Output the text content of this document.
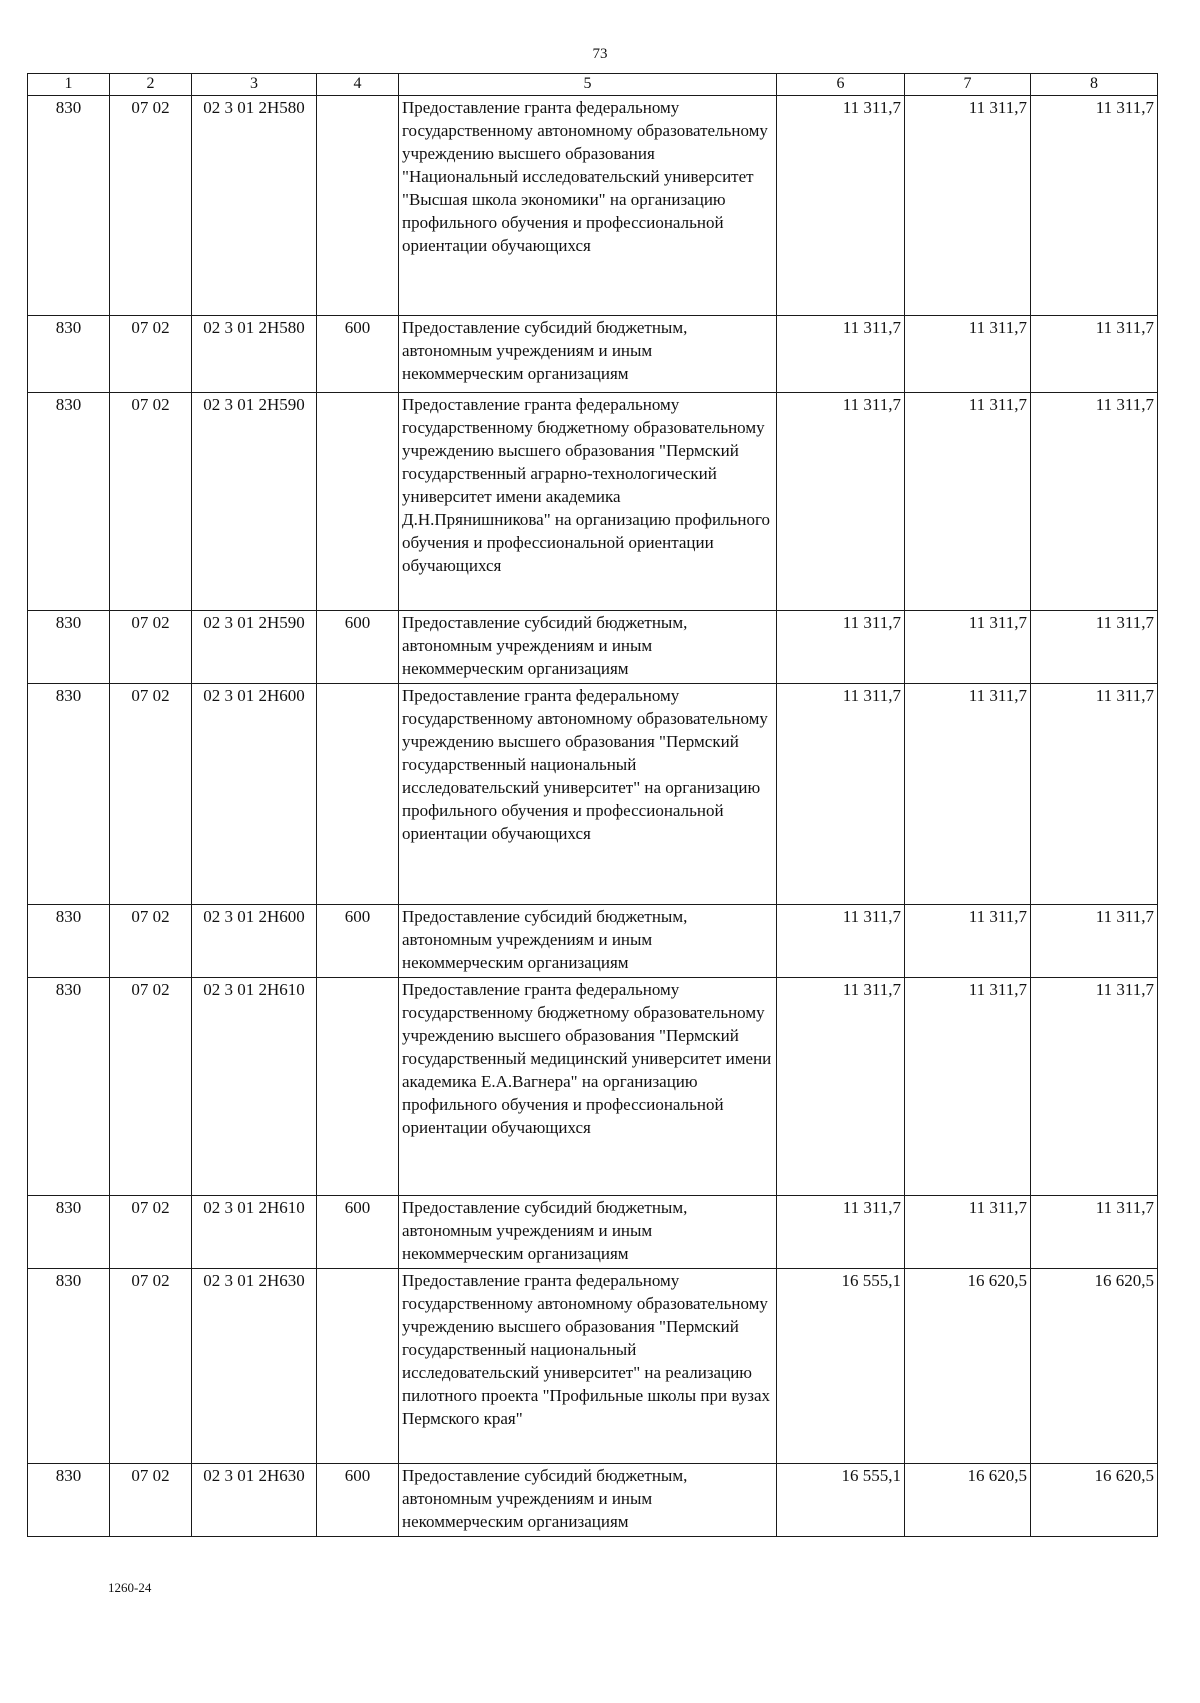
73
1	2	3	4	5	6	7	8
830	07 02	02 3 01 2Н580		Предоставление гранта федеральному государственному автономному образовательному учреждению высшего образования "Национальный исследовательский университет "Высшая школа экономики" на организацию профильного обучения и профессиональной ориентации обучающихся	11 311,7	11 311,7	11 311,7
830	07 02	02 3 01 2Н580	600	Предоставление субсидий бюджетным, автономным учреждениям и иным некоммерческим организациям	11 311,7	11 311,7	11 311,7
830	07 02	02 3 01 2Н590		Предоставление гранта федеральному государственному бюджетному образовательному учреждению высшего образования "Пермский государственный аграрно-технологический университет имени академика Д.Н.Прянишникова" на организацию профильного обучения и профессиональной ориентации обучающихся	11 311,7	11 311,7	11 311,7
830	07 02	02 3 01 2Н590	600	Предоставление субсидий бюджетным, автономным учреждениям и иным некоммерческим организациям	11 311,7	11 311,7	11 311,7
830	07 02	02 3 01 2Н600		Предоставление гранта федеральному государственному автономному образовательному учреждению высшего образования "Пермский государственный национальный исследовательский университет" на организацию профильного обучения и профессиональной ориентации обучающихся	11 311,7	11 311,7	11 311,7
830	07 02	02 3 01 2Н600	600	Предоставление субсидий бюджетным, автономным учреждениям и иным некоммерческим организациям	11 311,7	11 311,7	11 311,7
830	07 02	02 3 01 2Н610		Предоставление гранта федеральному государственному бюджетному образовательному учреждению высшего образования "Пермский государственный медицинский университет имени академика Е.А.Вагнера" на организацию профильного обучения и профессиональной ориентации обучающихся	11 311,7	11 311,7	11 311,7
830	07 02	02 3 01 2Н610	600	Предоставление субсидий бюджетным, автономным учреждениям и иным некоммерческим организациям	11 311,7	11 311,7	11 311,7
830	07 02	02 3 01 2Н630		Предоставление гранта федеральному государственному автономному образовательному учреждению высшего образования "Пермский государственный национальный исследовательский университет" на реализацию пилотного проекта "Профильные школы при вузах Пермского края"	16 555,1	16 620,5	16 620,5
830	07 02	02 3 01 2Н630	600	Предоставление субсидий бюджетным, автономным учреждениям и иным некоммерческим организациям	16 555,1	16 620,5	16 620,5
1260-24
